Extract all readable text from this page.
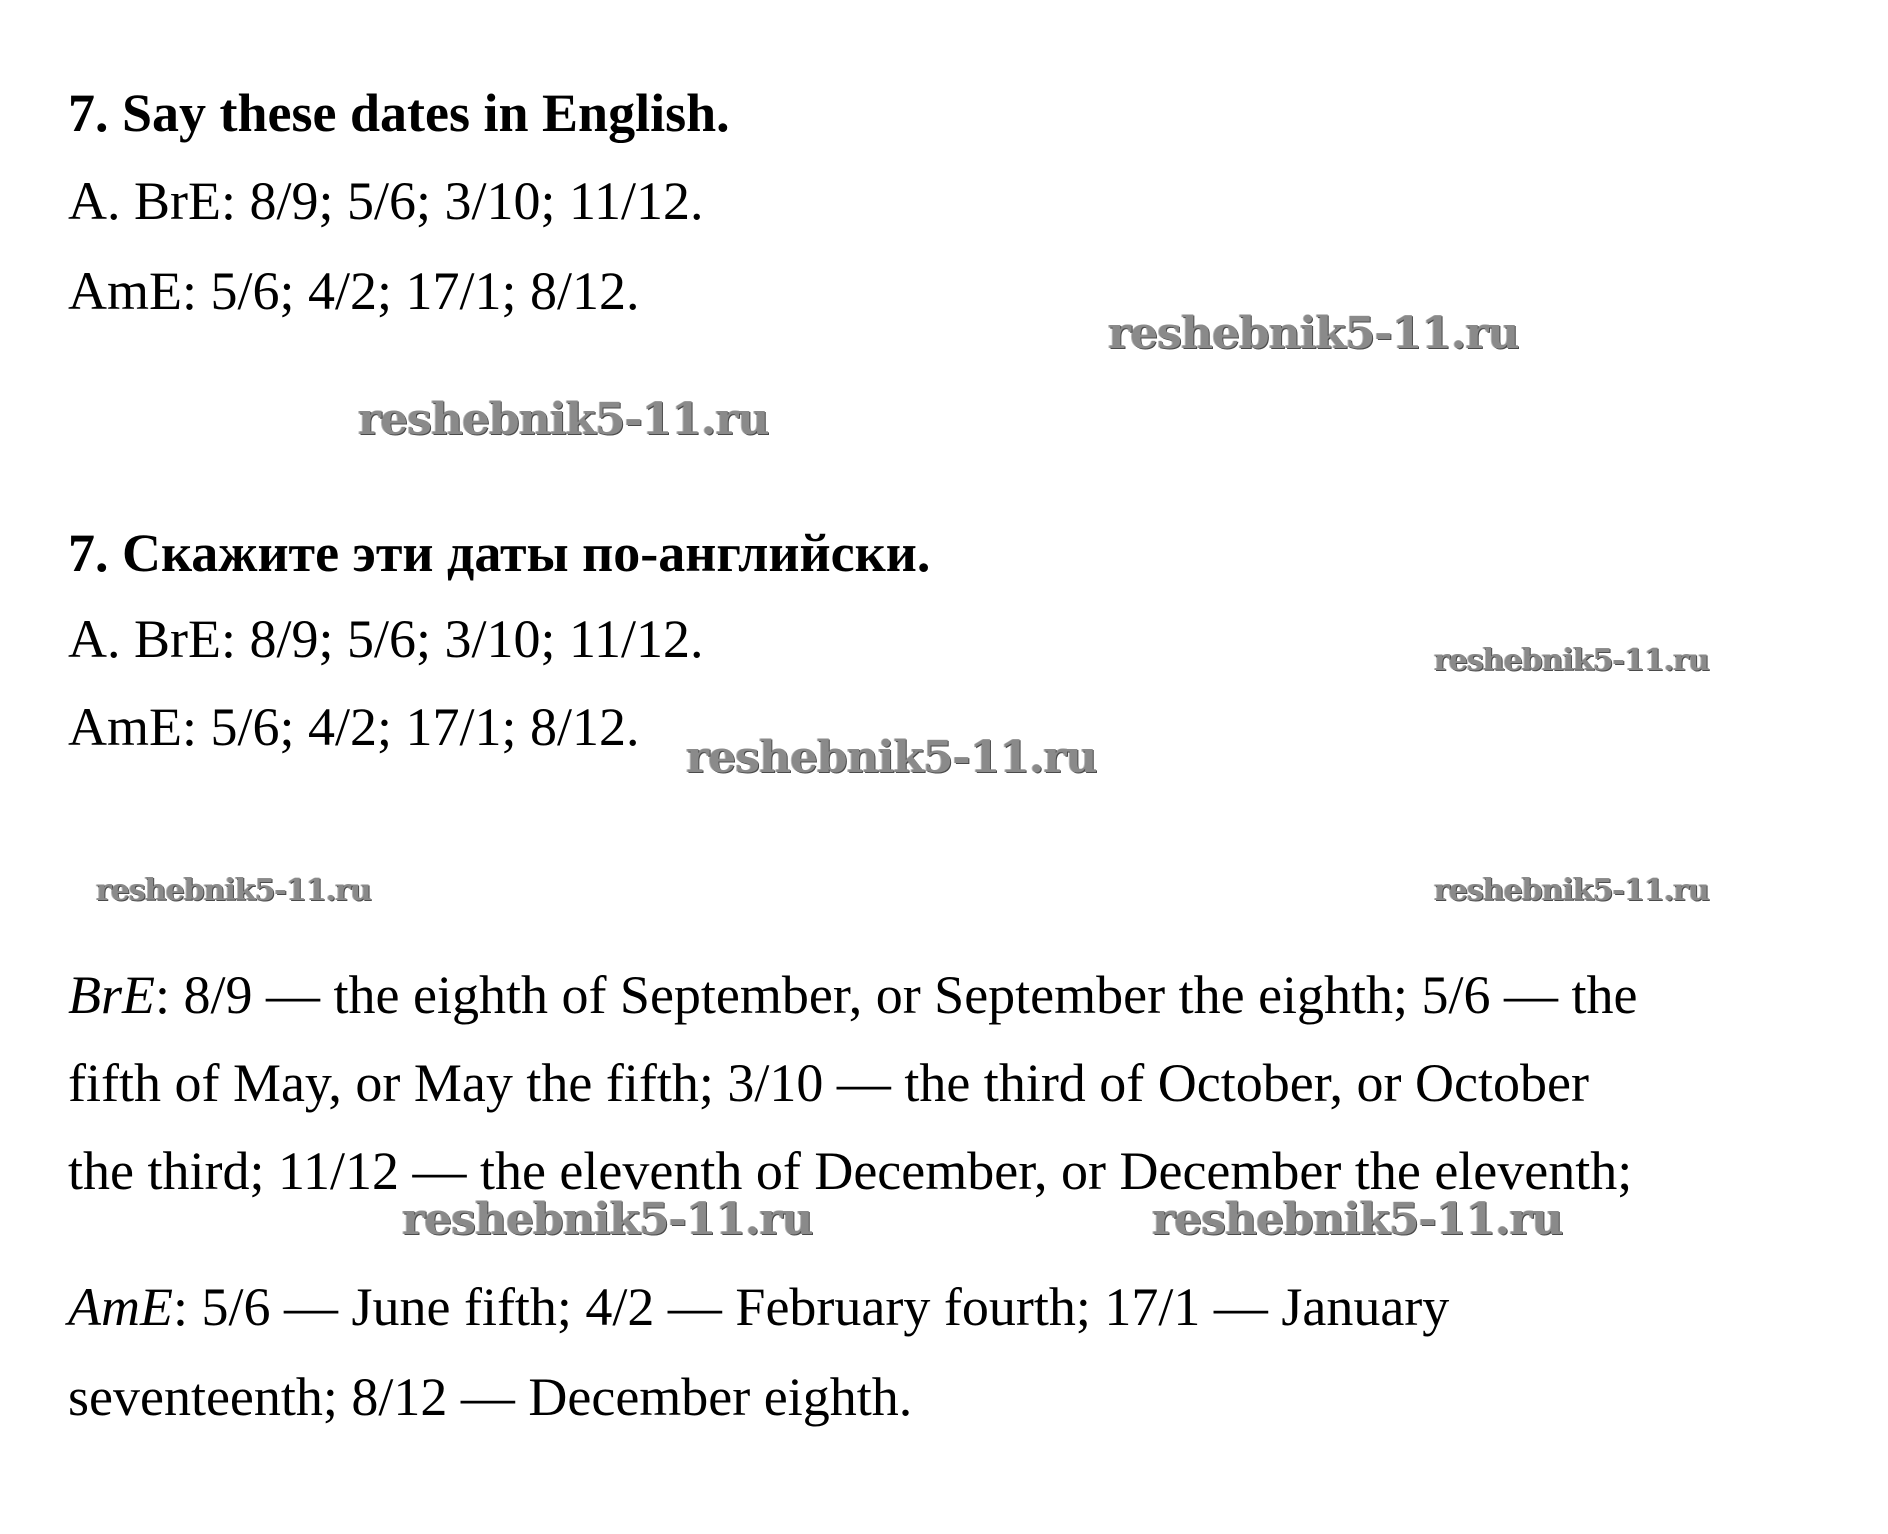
7. Say these dates in English.

A. BrE: 8/9; 5/6; 3/10; 11/12.

AmE: 5/6; 4/2; 17/1; 8/12.

7. Скажите эти даты по-английски.

A. BrE: 8/9; 5/6; 3/10; 11/12.

AmE: 5/6; 4/2; 17/1; 8/12.

BrE: 8/9 — the eighth of September, or September the eighth; 5/6 — the

fifth of May, or May the fifth; 3/10 — the third of October, or October

the third; 11/12 — the eleventh of December, or December the eleventh;

AmE: 5/6 — June fifth; 4/2 — February fourth; 17/1 — January

seventeenth; 8/12 — December eighth.

reshebnik5-11.ru
reshebnik5-11.ru
reshebnik5-11.ru
reshebnik5-11.ru
reshebnik5-11.ru	reshebnik5-11.ru
reshebnik5-11.ru	reshebnik5-11.ru
